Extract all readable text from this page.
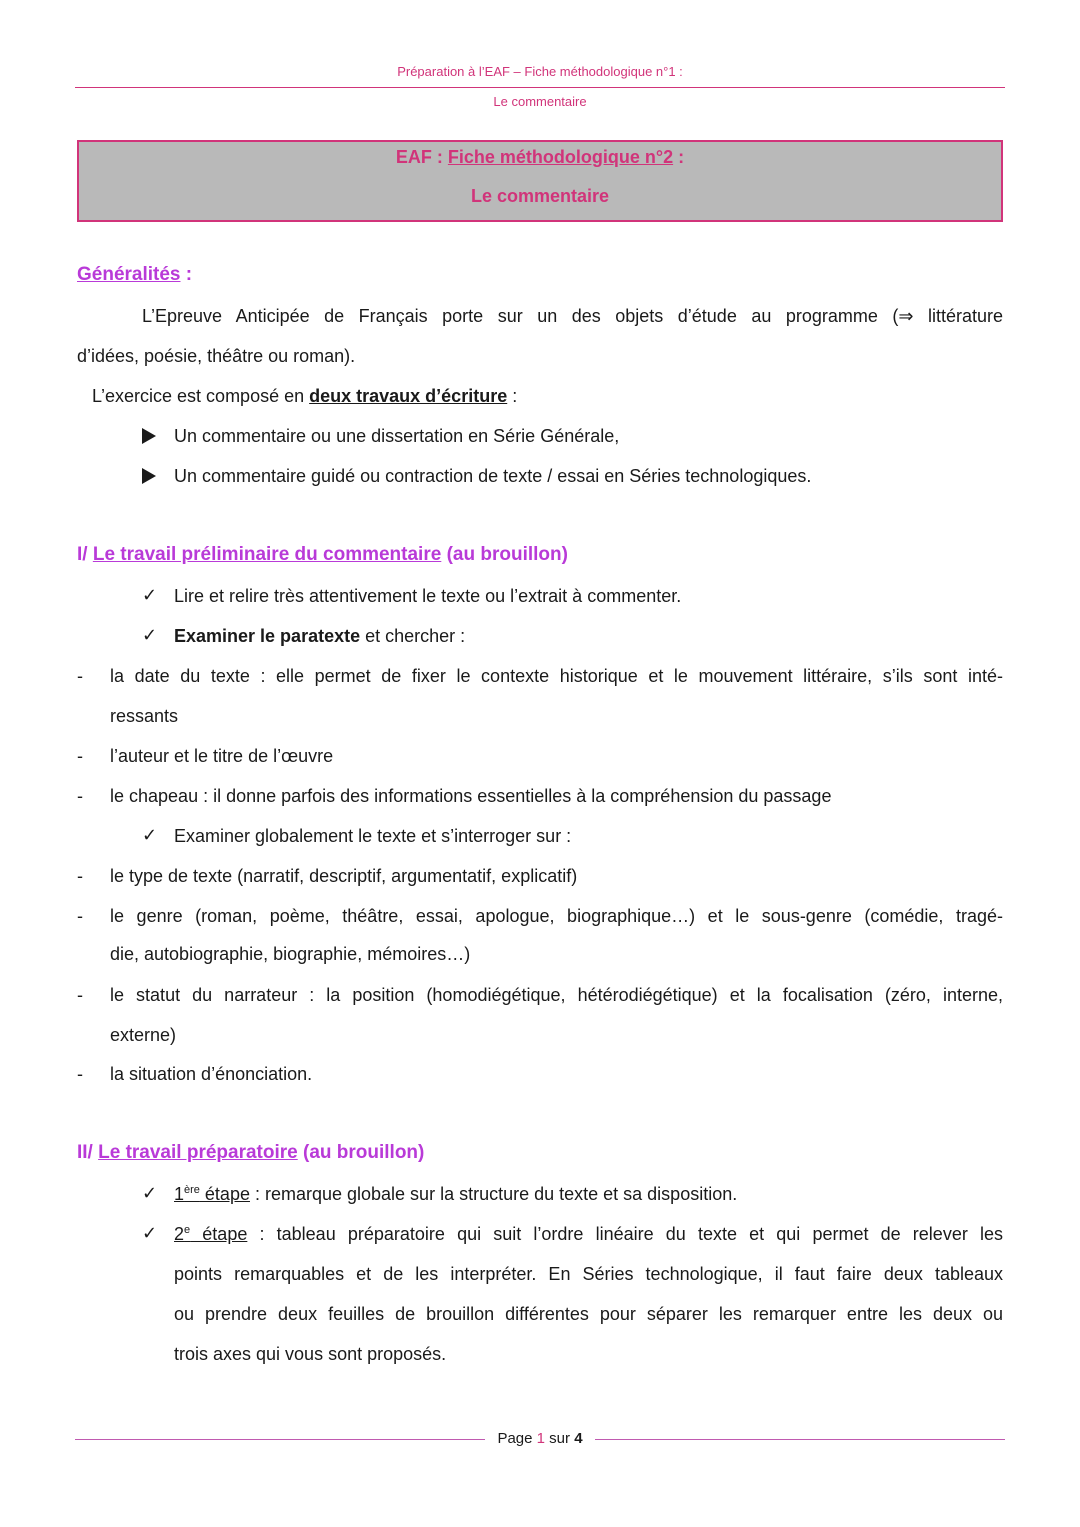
Préparation à l’EAF – Fiche méthodologique n°1 :
Le commentaire
EAF : Fiche méthodologique n°2 :
Le commentaire
Généralités :
L’Epreuve Anticipée de Français porte sur un des objets d’étude au programme (⇒ littérature
d’idées, poésie, théâtre ou roman).
L’exercice est composé en deux travaux d’écriture :
Un commentaire ou une dissertation en Série Générale,
Un commentaire guidé ou contraction de texte / essai en Séries technologiques.
I/ Le travail préliminaire du commentaire (au brouillon)
✓ Lire et relire très attentivement le texte ou l’extrait à commenter.
✓ Examiner le paratexte et chercher :
- la date du texte : elle permet de fixer le contexte historique et le mouvement littéraire, s’ils sont inté-
ressants
- l’auteur et le titre de l’œuvre
- le chapeau : il donne parfois des informations essentielles à la compréhension du passage
✓ Examiner globalement le texte et s’interroger sur :
- le type de texte (narratif, descriptif, argumentatif, explicatif)
- le genre (roman, poème, théâtre, essai, apologue, biographique…) et le sous-genre (comédie, tragé-
die, autobiographie, biographie, mémoires…)
- le statut du narrateur : la position (homodiégétique, hétérodiégétique) et la focalisation (zéro, interne,
externe)
- la situation d’énonciation.
II/ Le travail préparatoire (au brouillon)
✓ 1ère étape : remarque globale sur la structure du texte et sa disposition.
✓ 2e étape : tableau préparatoire qui suit l’ordre linéaire du texte et qui permet de relever les
points remarquables et de les interpréter. En Séries technologique, il faut faire deux tableaux
ou prendre deux feuilles de brouillon différentes pour séparer les remarquer entre les deux ou
trois axes qui vous sont proposés.
Page 1 sur 4
